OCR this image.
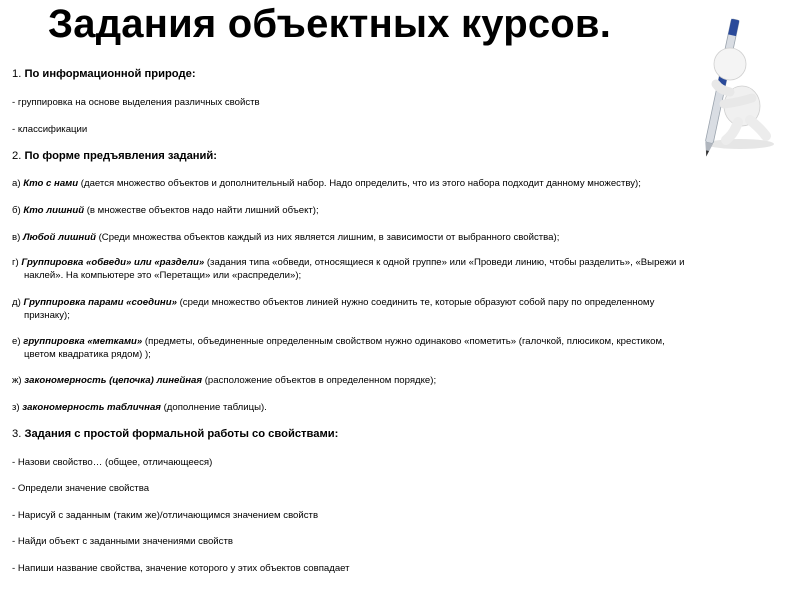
Задания объектных курсов.
1. По информационной природе:
- группировка на основе выделения различных свойств
- классификации
2. По форме предъявления заданий:
а) Кто с нами (дается множество объектов и дополнительный набор. Надо определить, что из этого набора подходит данному множеству);
б) Кто лишний (в множестве объектов надо найти лишний объект);
в) Любой лишний (Среди множества объектов каждый из них является лишним, в зависимости от выбранного свойства);
г) Группировка «обведи» или «раздели» (задания типа «обведи, относящиеся к одной группе» или «Проведи линию, чтобы разделить», «Вырежи и
наклей». На компьютере это «Перетащи» или «распредели»);
д) Группировка парами «соедини» (среди множество объектов линией нужно соединить те, которые образуют собой пару по определенному
признаку);
е) группировка «метками» (предметы, объединенные определенным свойством нужно одинаково «пометить» (галочкой, плюсиком, крестиком,
цветом квадратика рядом) );
ж) закономерность (цепочка) линейная (расположение объектов в определенном порядке);
з) закономерность табличная (дополнение таблицы).
3. Задания с простой формальной работы со свойствами:
- Назови свойство… (общее, отличающееся)
- Определи значение свойства
- Нарисуй с заданным (таким же)/отличающимся значением свойств
- Найди объект с заданными значениями свойств
- Напиши название свойства, значение которого у этих объектов совпадает
